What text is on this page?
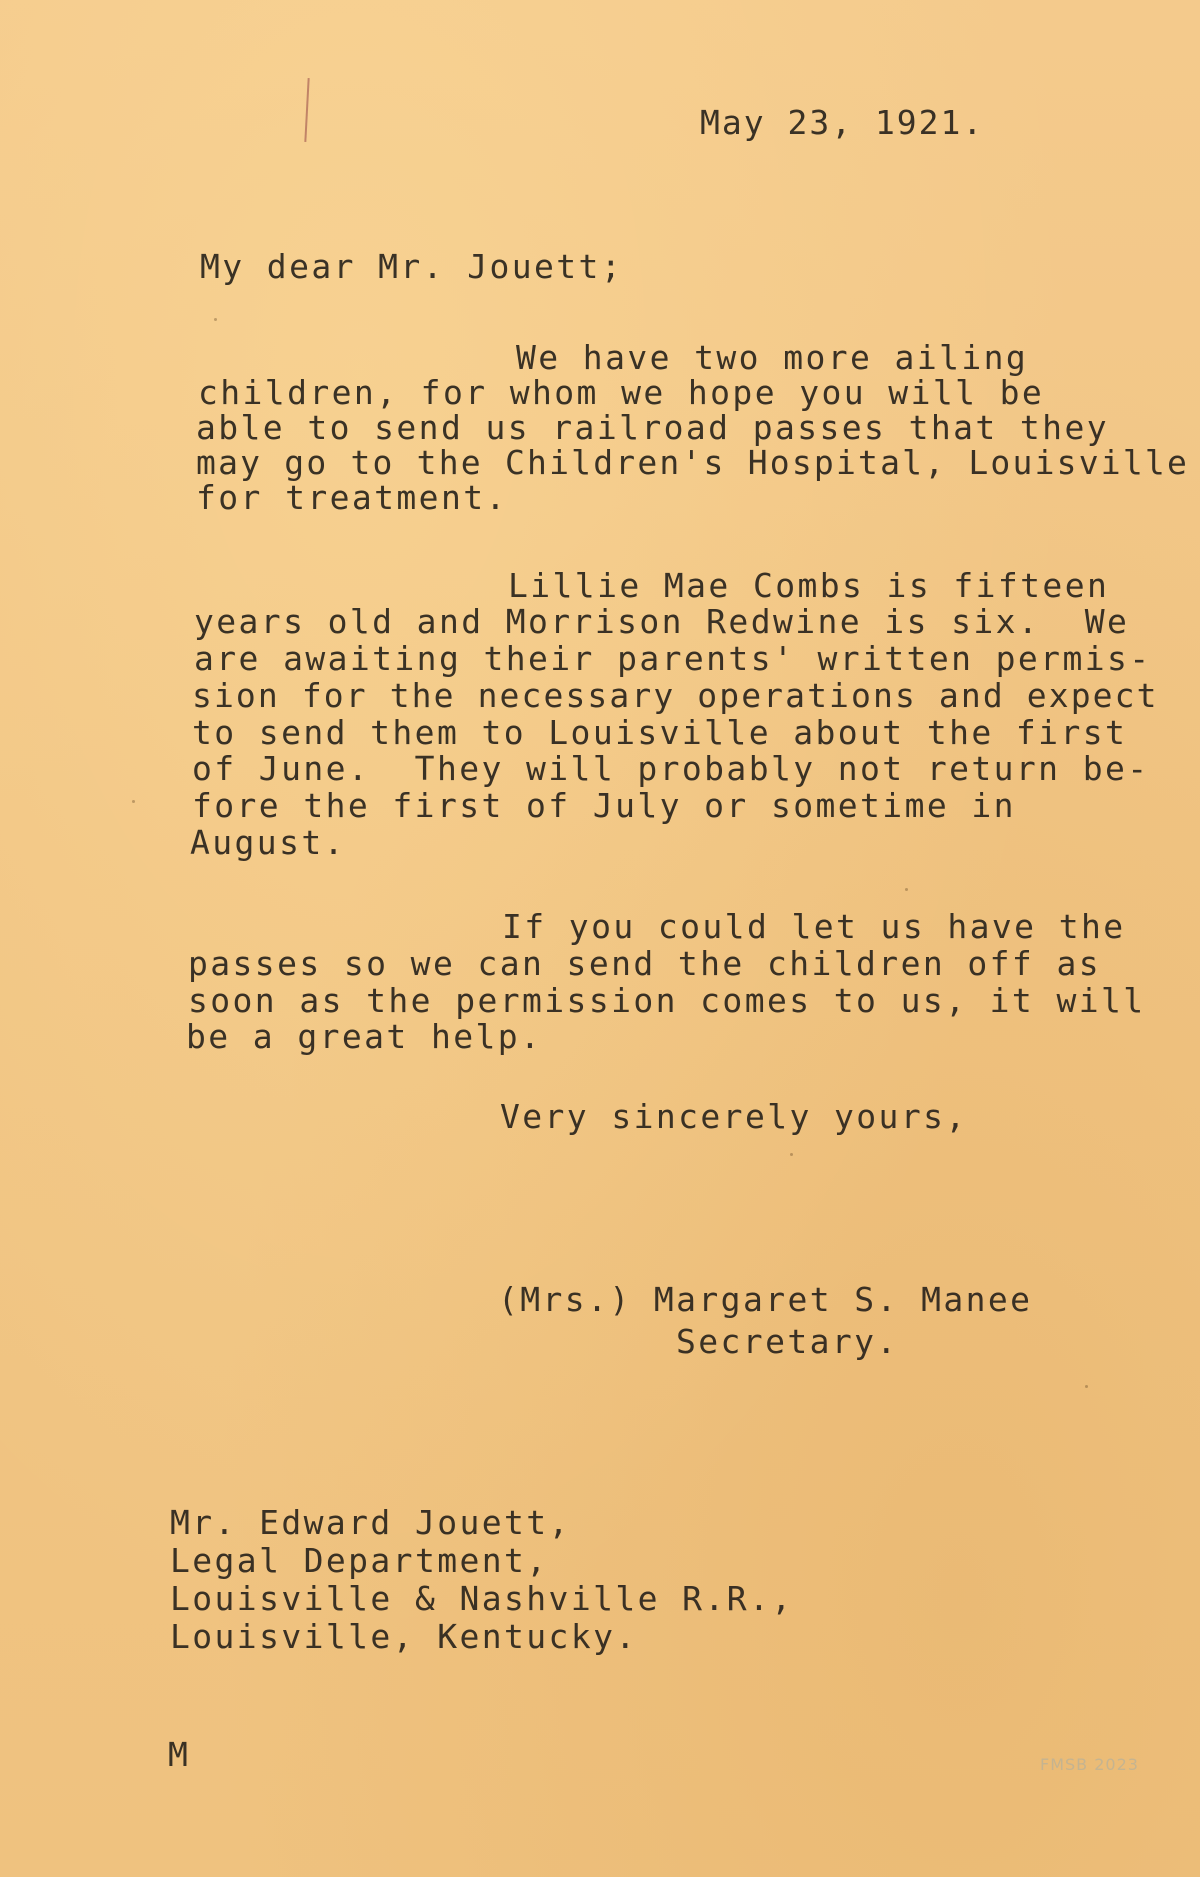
May 23, 1921.

My dear Mr. Jouett;

We have two more ailing

children, for whom we hope you will be

able to send us railroad passes that they

may go to the Children's Hospital, Louisville

for treatment.

Lillie Mae Combs is fifteen

years old and Morrison Redwine is six.  We

are awaiting their parents' written permis-

sion for the necessary operations and expect

to send them to Louisville about the first

of June.  They will probably not return be-

fore the first of July or sometime in

August.

If you could let us have the

passes so we can send the children off as

soon as the permission comes to us, it will

be a great help.

Very sincerely yours,

(Mrs.) Margaret S. Manee

Secretary.

Mr. Edward Jouett,

Legal Department,

Louisville & Nashville R.R.,

Louisville, Kentucky.

M	FMSB 2023
